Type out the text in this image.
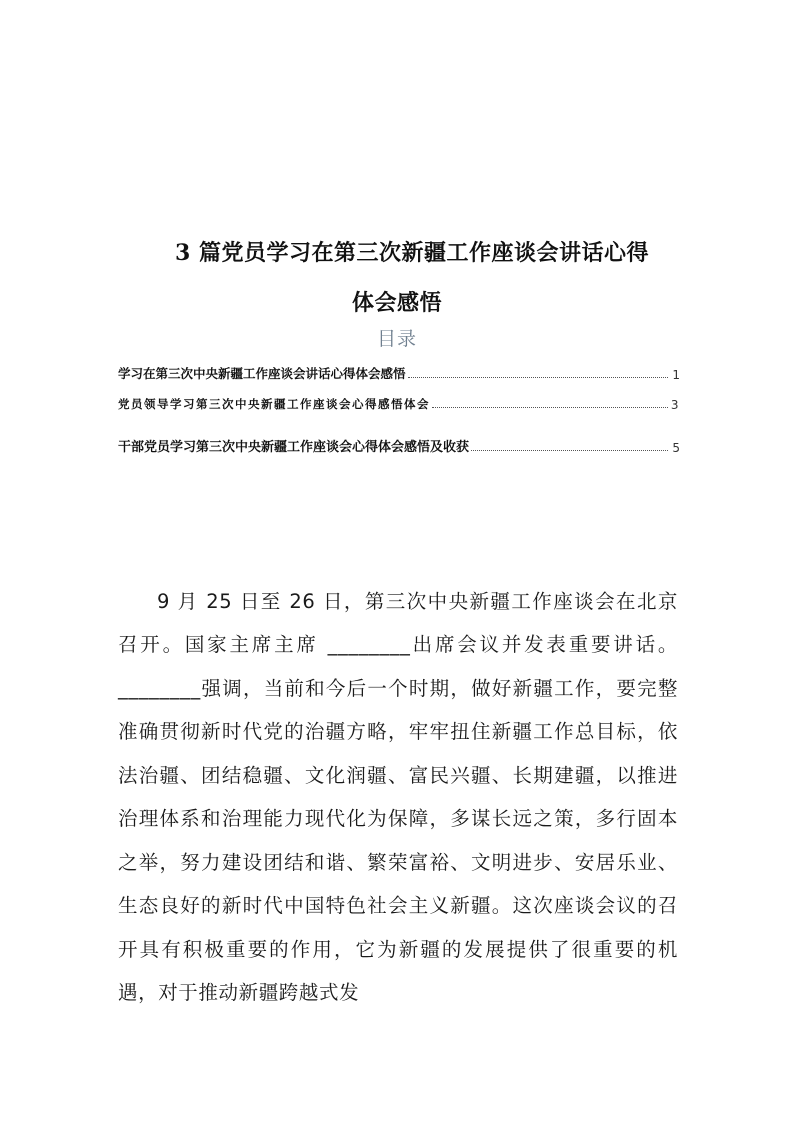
3 篇党员学习在第三次新疆工作座谈会讲话心得
体会感悟
目录
学习在第三次中央新疆工作座谈会讲话心得体会感悟	1
党员领导学习第三次中央新疆工作座谈会心得感悟体会	3
干部党员学习第三次中央新疆工作座谈会心得体会感悟及收获	5

9 月 25 日至 26 日，第三次中央新疆工作座谈会在北京召开。国家主席主席 ________出席会议并发表重要讲话。________强调，当前和今后一个时期，做好新疆工作，要完整准确贯彻新时代党的治疆方略，牢牢扭住新疆工作总目标，依法治疆、团结稳疆、文化润疆、富民兴疆、长期建疆，以推进治理体系和治理能力现代化为保障，多谋长远之策，多行固本之举，努力建设团结和谐、繁荣富裕、文明进步、安居乐业、生态良好的新时代中国特色社会主义新疆。这次座谈会议的召开具有积极重要的作用，它为新疆的发展提供了很重要的机遇，对于推动新疆跨越式发
